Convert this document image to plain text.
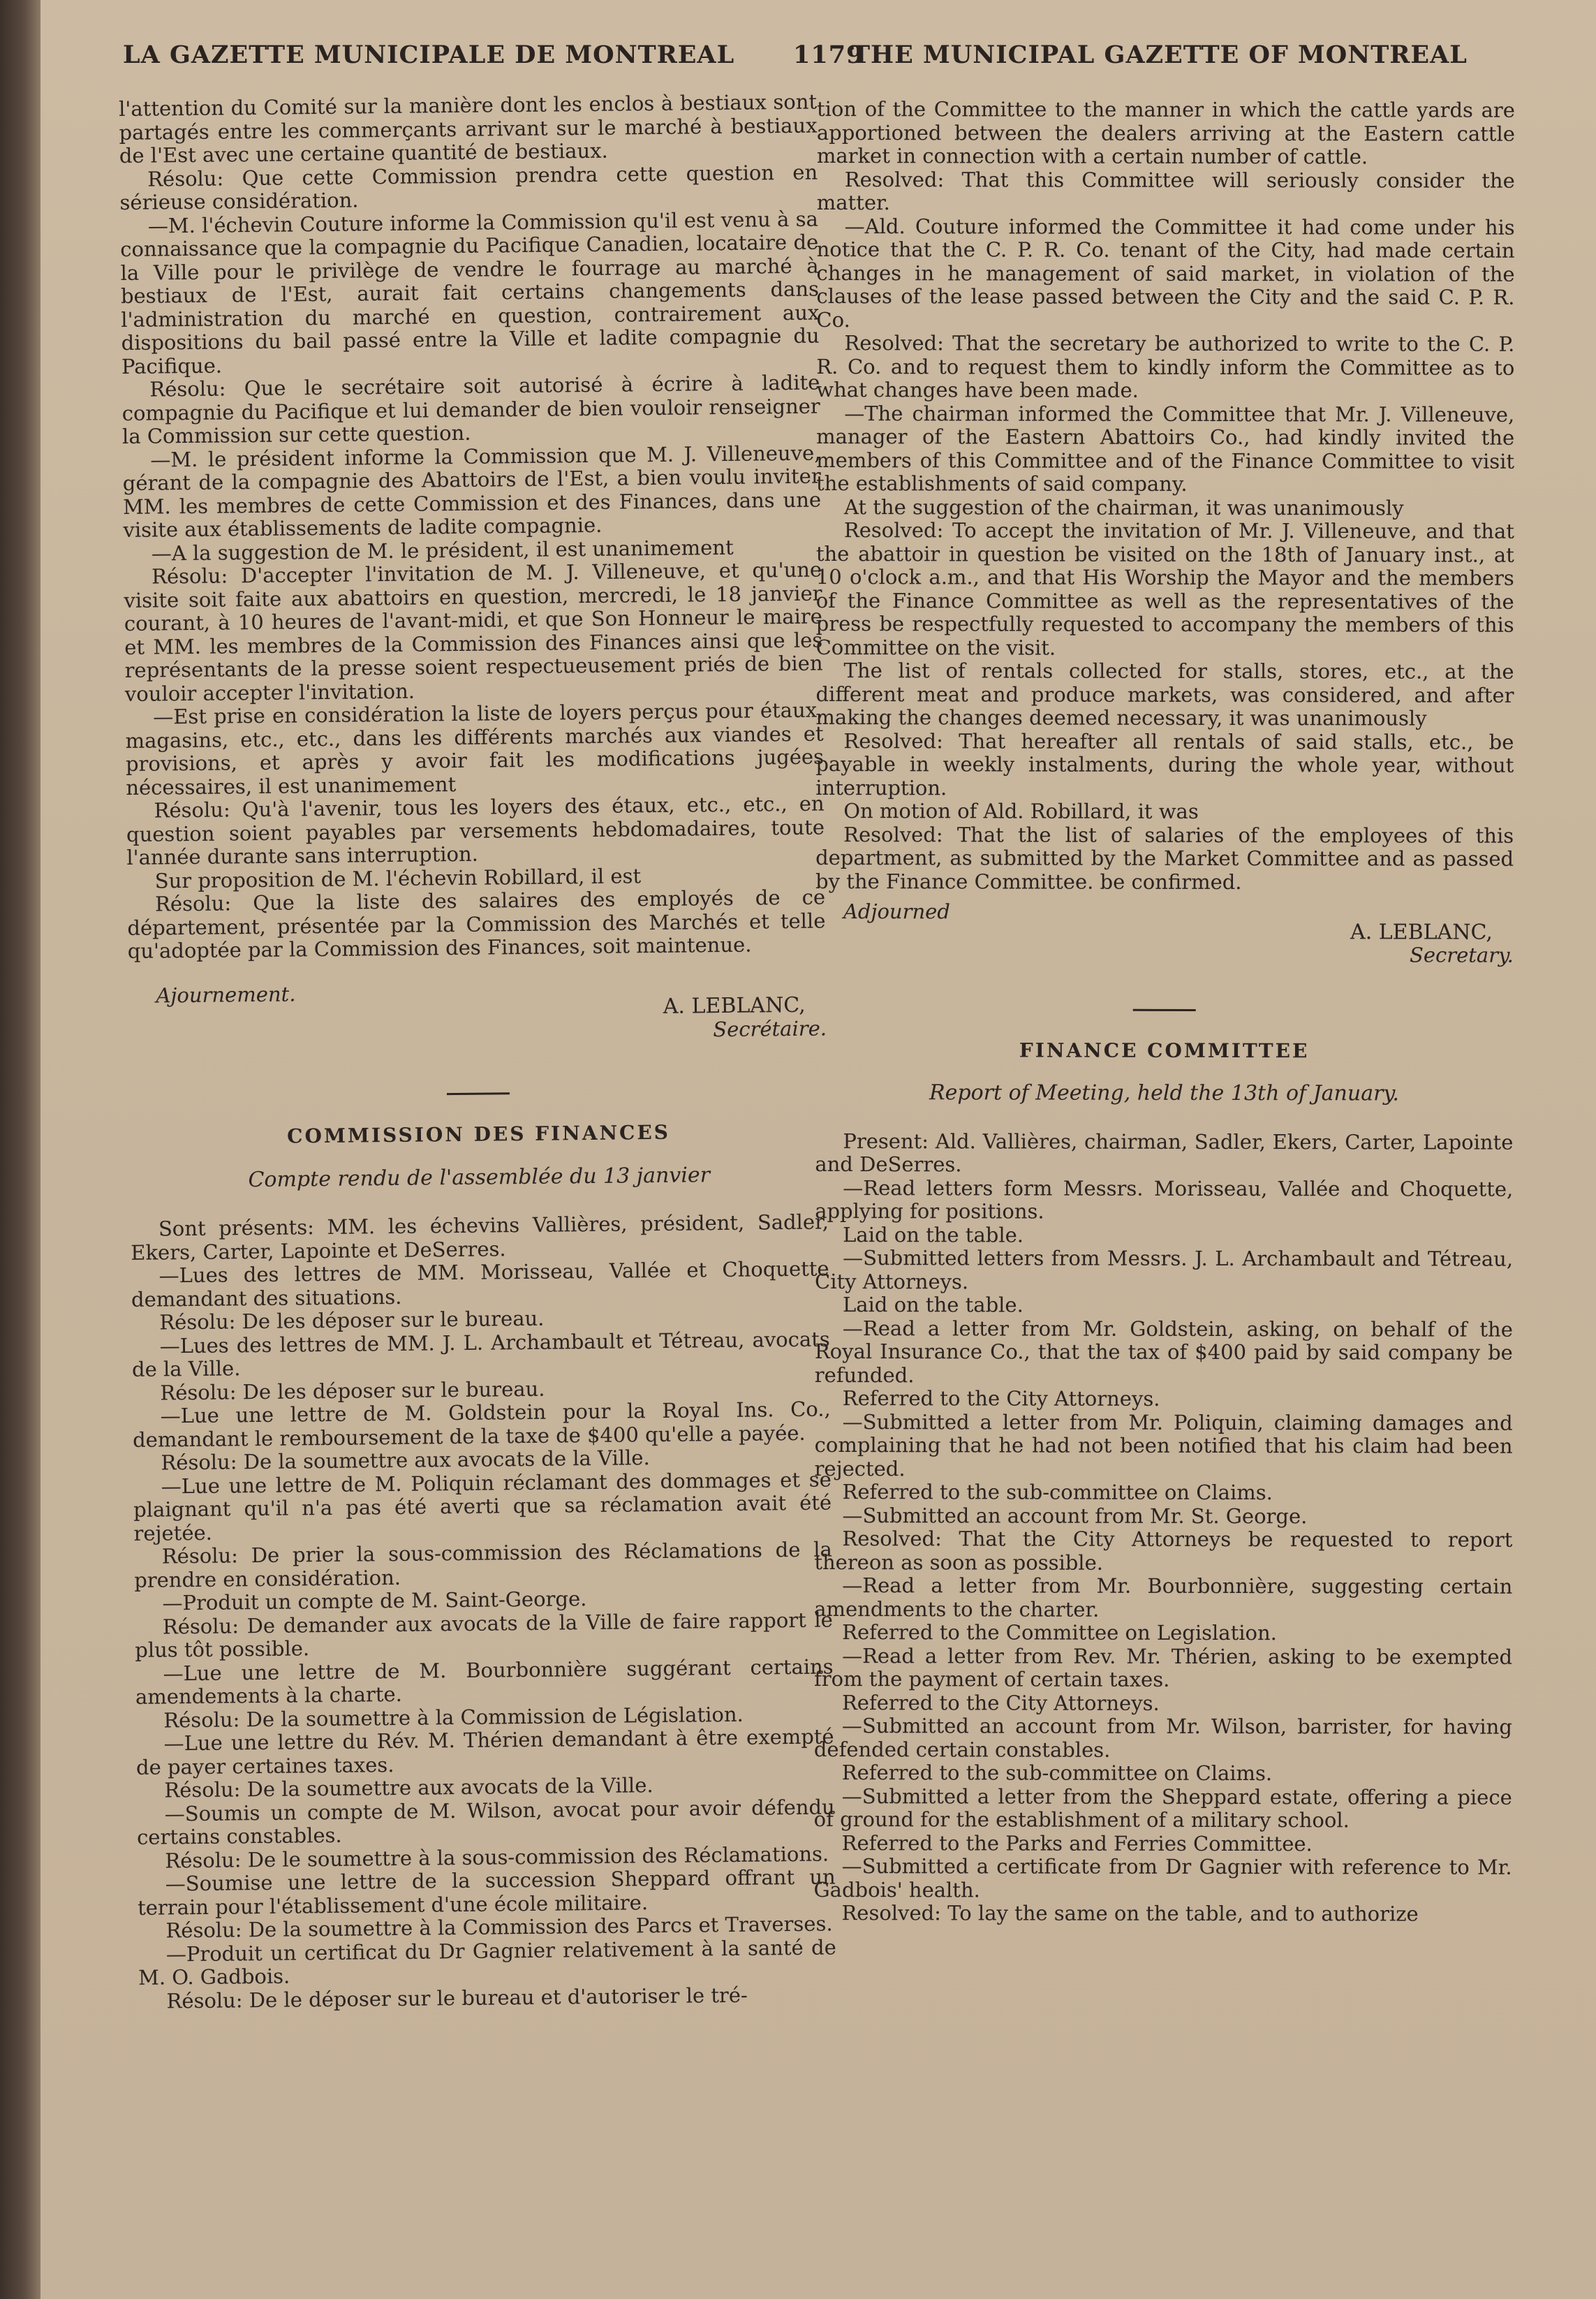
LA GAZETTE MUNICIPALE DE MONTREAL 1179
THE MUNICIPAL GAZETTE OF MONTREAL

l'attention du Comité sur la manière dont les enclos à bestiaux sont partagés entre les commerçants arrivant sur le marché à bestiaux de l'Est avec une certaine quantité de bestiaux.

Résolu: Que cette Commission prendra cette question en sérieuse considération.

—M. l'échevin Couture informe la Commission qu'il est venu à sa connaissance que la compagnie du Pacifique Canadien, locataire de la Ville pour le privilège de vendre le fourrage au marché à bestiaux de l'Est, aurait fait certains changements dans l'administration du marché en question, contrairement aux dispositions du bail passé entre la Ville et ladite compagnie du Pacifique.

Résolu: Que le secrétaire soit autorisé à écrire à ladite compagnie du Pacifique et lui demander de bien vouloir renseigner la Commission sur cette question.

—M. le président informe la Commission que M. J. Villeneuve, gérant de la compagnie des Abattoirs de l'Est, a bien voulu inviter MM. les membres de cette Commission et des Finances, dans une visite aux établissements de ladite compagnie.

—A la suggestion de M. le président, il est unanimement

Résolu: D'accepter l'invitation de M. J. Villeneuve, et qu'une visite soit faite aux abattoirs en question, mercredi, le 18 janvier courant, à 10 heures de l'avant-midi, et que Son Honneur le maire et MM. les membres de la Commission des Finances ainsi que les représentants de la presse soient respectueusement priés de bien vouloir accepter l'invitation.

—Est prise en considération la liste de loyers perçus pour étaux, magasins, etc., etc., dans les différents marchés aux viandes et provisions, et après y avoir fait les modifications jugées nécessaires, il est unanimement

Résolu: Qu'à l'avenir, tous les loyers des étaux, etc., etc., en question soient payables par versements hebdomadaires, toute l'année durante sans interruption.

Sur proposition de M. l'échevin Robillard, il est

Résolu: Que la liste des salaires des employés de ce département, présentée par la Commission des Marchés et telle qu'adoptée par la Commission des Finances, soit maintenue.

Ajournement.	A. LEBLANC,

Secrétaire.

COMMISSION DES FINANCES

Compte rendu de l'assemblée du 13 janvier

Sont présents: MM. les échevins Vallières, président, Sadler, Ekers, Carter, Lapointe et DeSerres.

—Lues des lettres de MM. Morisseau, Vallée et Choquette demandant des situations.

Résolu: De les déposer sur le bureau.

—Lues des lettres de MM. J. L. Archambault et Tétreau, avocats de la Ville.

Résolu: De les déposer sur le bureau.

—Lue une lettre de M. Goldstein pour la Royal Ins. Co., demandant le remboursement de la taxe de $400 qu'elle a payée.

Résolu: De la soumettre aux avocats de la Ville.

—Lue une lettre de M. Poliquin réclamant des dommages et se plaignant qu'il n'a pas été averti que sa réclamation avait été rejetée.

Résolu: De prier la sous-commission des Réclamations de la prendre en considération.

—Produit un compte de M. Saint-George.

Résolu: De demander aux avocats de la Ville de faire rapport le plus tôt possible.

—Lue une lettre de M. Bourbonnière suggérant certains amendements à la charte.

Résolu: De la soumettre à la Commission de Législation.

—Lue une lettre du Rév. M. Thérien demandant à être exempté de payer certaines taxes.

Résolu: De la soumettre aux avocats de la Ville.

—Soumis un compte de M. Wilson, avocat pour avoir défendu certains constables.

Résolu: De le soumettre à la sous-commission des Réclamations.

—Soumise une lettre de la succession Sheppard offrant un terrain pour l'établissement d'une école militaire.

Résolu: De la soumettre à la Commission des Parcs et Traverses.

—Produit un certificat du Dr Gagnier relativement à la santé de M. O. Gadbois.

Résolu: De le déposer sur le bureau et d'autoriser le tré-

tion of the Committee to the manner in which the cattle yards are apportioned between the dealers arriving at the Eastern cattle market in connection with a certain number of cattle.

Resolved: That this Committee will seriously consider the matter.

—Ald. Couture informed the Committee it had come under his notice that the C. P. R. Co. tenant of the City, had made certain changes in he management of said market, in violation of the clauses of the lease passed between the City and the said C. P. R. Co.

Resolved: That the secretary be authorized to write to the C. P. R. Co. and to request them to kindly inform the Committee as to what changes have been made.

—The chairman informed the Committee that Mr. J. Villeneuve, manager of the Eastern Abattoirs Co., had kindly invited the members of this Committee and of the Finance Committee to visit the establishments of said company.

At the suggestion of the chairman, it was unanimously

Resolved: To accept the invitation of Mr. J. Villeneuve, and that the abattoir in question be visited on the 18th of January inst., at 10 o'clock a.m., and that His Worship the Mayor and the members of the Finance Committee as well as the representatives of the press be respectfully requested to accompany the members of this Committee on the visit.

The list of rentals collected for stalls, stores, etc., at the different meat and produce markets, was considered, and after making the changes deemed necessary, it was unanimously

Resolved: That hereafter all rentals of said stalls, etc., be payable in weekly instalments, during the whole year, without interruption.

On motion of Ald. Robillard, it was

Resolved: That the list of salaries of the employees of this department, as submitted by the Market Committee and as passed by the Finance Committee. be confirmed.

Adjourned

A. LEBLANC,

Secretary.

FINANCE COMMITTEE

Report of Meeting, held the 13th of January.

Present: Ald. Vallières, chairman, Sadler, Ekers, Carter, Lapointe and DeSerres.

—Read letters form Messrs. Morisseau, Vallée and Choquette, applying for positions.

Laid on the table.

—Submitted letters from Messrs. J. L. Archambault and Tétreau, City Attorneys.

Laid on the table.

—Read a letter from Mr. Goldstein, asking, on behalf of the Royal Insurance Co., that the tax of $400 paid by said company be refunded.

Referred to the City Attorneys.

—Submitted a letter from Mr. Poliquin, claiming damages and complaining that he had not been notified that his claim had been rejected.

Referred to the sub-committee on Claims.

—Submitted an account from Mr. St. George.

Resolved: That the City Attorneys be requested to report thereon as soon as possible.

—Read a letter from Mr. Bourbonnière, suggesting certain amendments to the charter.

Referred to the Committee on Legislation.

—Read a letter from Rev. Mr. Thérien, asking to be exempted from the payment of certain taxes.

Referred to the City Attorneys.

—Submitted an account from Mr. Wilson, barrister, for having defended certain constables.

Referred to the sub-committee on Claims.

—Submitted a letter from the Sheppard estate, offering a piece of ground for the establishment of a military school.

Referred to the Parks and Ferries Committee.

—Submitted a certificate from Dr Gagnier with reference to Mr. Gadbois' health.

Resolved: To lay the same on the table, and to authorize
